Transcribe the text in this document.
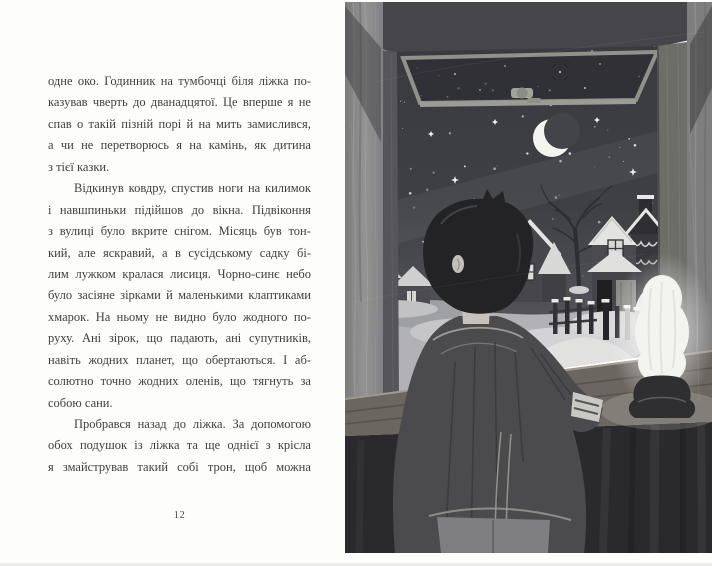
одне око. Годинник на тумбочці біля ліжка по-
казував чверть до дванадцятої. Це вперше я не
спав о такій пізній порі й на мить замислився,
а чи не перетворюсь я на камінь, як дитина
з тієї казки.
Відкинув ковдру, спустив ноги на килимок
і навшпиньки підійшов до вікна. Підвіконня
з вулиці було вкрите снігом. Місяць був тон-
кий, але яскравий, а в сусідському садку бі-
лим лужком кралася лисиця. Чорно-синє небо
було засіяне зірками й маленькими клаптиками
хмарок. На ньому не видно було жодного по-
руху. Ані зірок, що падають, ані супутників,
навіть жодних планет, що обертаються. І аб-
солютно точно жодних оленів, що тягнуть за
собою сани.
Пробрався назад до ліжка. За допомогою
обох подушок із ліжка та ще однієї з крісла
я змайстрував такий собі трон, щоб можна
12
